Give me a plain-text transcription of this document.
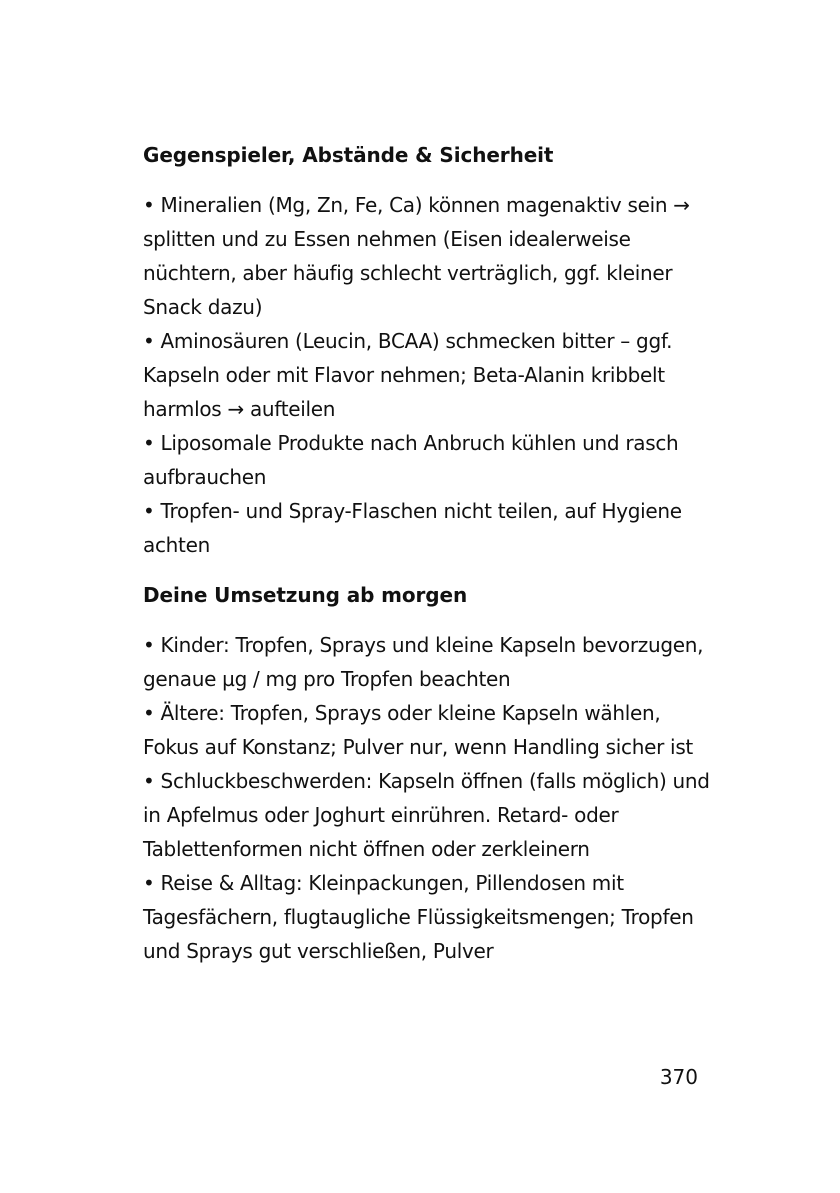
Gegenspieler, Abstände & Sicherheit
• Mineralien (Mg, Zn, Fe, Ca) können magenaktiv sein → splitten und zu Essen nehmen (Eisen idealerweise nüchtern, aber häufig schlecht verträglich, ggf. kleiner Snack dazu)
• Aminosäuren (Leucin, BCAA) schmecken bitter – ggf. Kapseln oder mit Flavor nehmen; Beta-Alanin kribbelt harmlos → aufteilen
• Liposomale Produkte nach Anbruch kühlen und rasch aufbrauchen
• Tropfen- und Spray-Flaschen nicht teilen, auf Hygiene achten
Deine Umsetzung ab morgen
• Kinder: Tropfen, Sprays und kleine Kapseln bevorzugen, genaue µg / mg pro Tropfen beachten
• Ältere: Tropfen, Sprays oder kleine Kapseln wählen, Fokus auf Konstanz; Pulver nur, wenn Handling sicher ist
• Schluckbeschwerden: Kapseln öffnen (falls möglich) und in Apfelmus oder Joghurt einrühren. Retard- oder Tablettenformen nicht öffnen oder zerkleinern
• Reise & Alltag: Kleinpackungen, Pillendosen mit Tagesfächern, flugtaugliche Flüssigkeitsmengen; Tropfen und Sprays gut verschließen, Pulver
370
